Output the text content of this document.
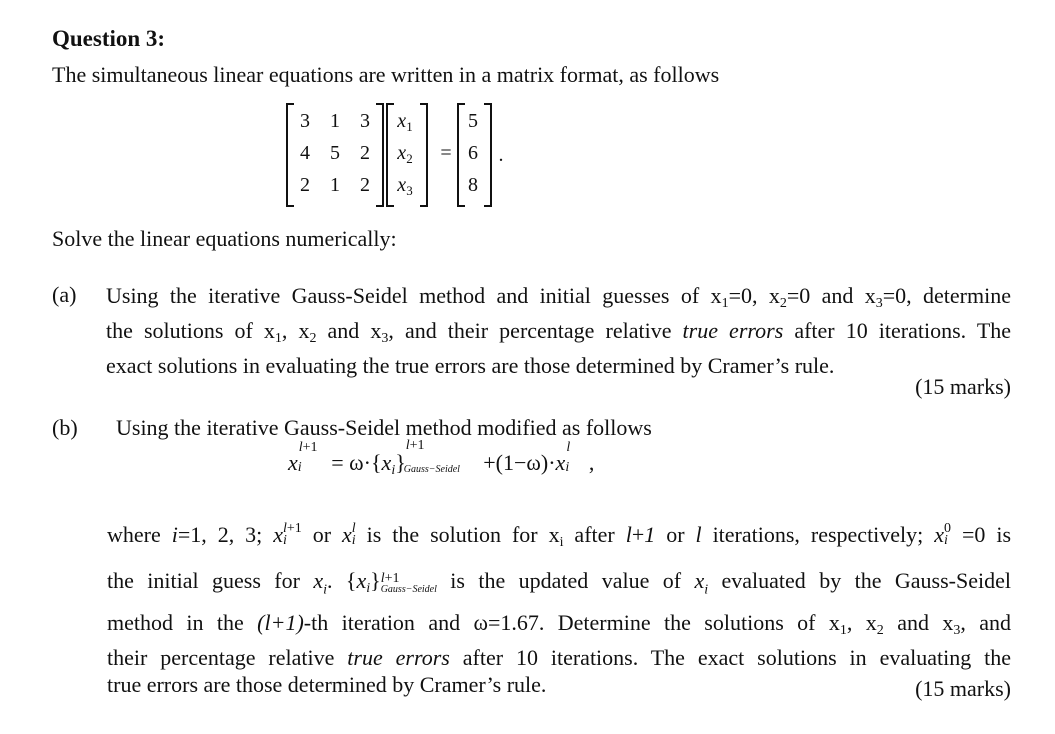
Question 3:
The simultaneous linear equations are written in a matrix format, as follows
3	1	3
4	5	2
2	1	2
$x_1$
$x_2$
$x_3$
=
5
6
8
.
Solve the linear equations numerically:
(a) Using the iterative Gauss-Seidel method and initial guesses of x1=0, x2=0 and x3=0, determine
the solutions of x1, x2 and x3, and their percentage relative true errors after 10 iterations. The
exact solutions in evaluating the true errors are those determined by Cramer’s rule.
(15 marks)
(b) Using the iterative Gauss-Seidel method modified as follows
x
l+1
i = ω·{xi}
l+1
Gauss−Seidel +(1−ω)·x
l
i ,
where i=1, 2, 3; x l+1
i or x l
i is the solution for xi after l+1 or l iterations, respectively; x 0
i =0 is
the initial guess for $x_i$. {xi} l+1
Gauss−Seidel is the updated value of $x_i$ evaluated by the Gauss-Seidel
method in the (l+1)-th iteration and ω=1.67. Determine the solutions of x1, x2 and x3, and
their percentage relative true errors after 10 iterations. The exact solutions in evaluating the
true errors are those determined by Cramer’s rule.	(15 marks)
